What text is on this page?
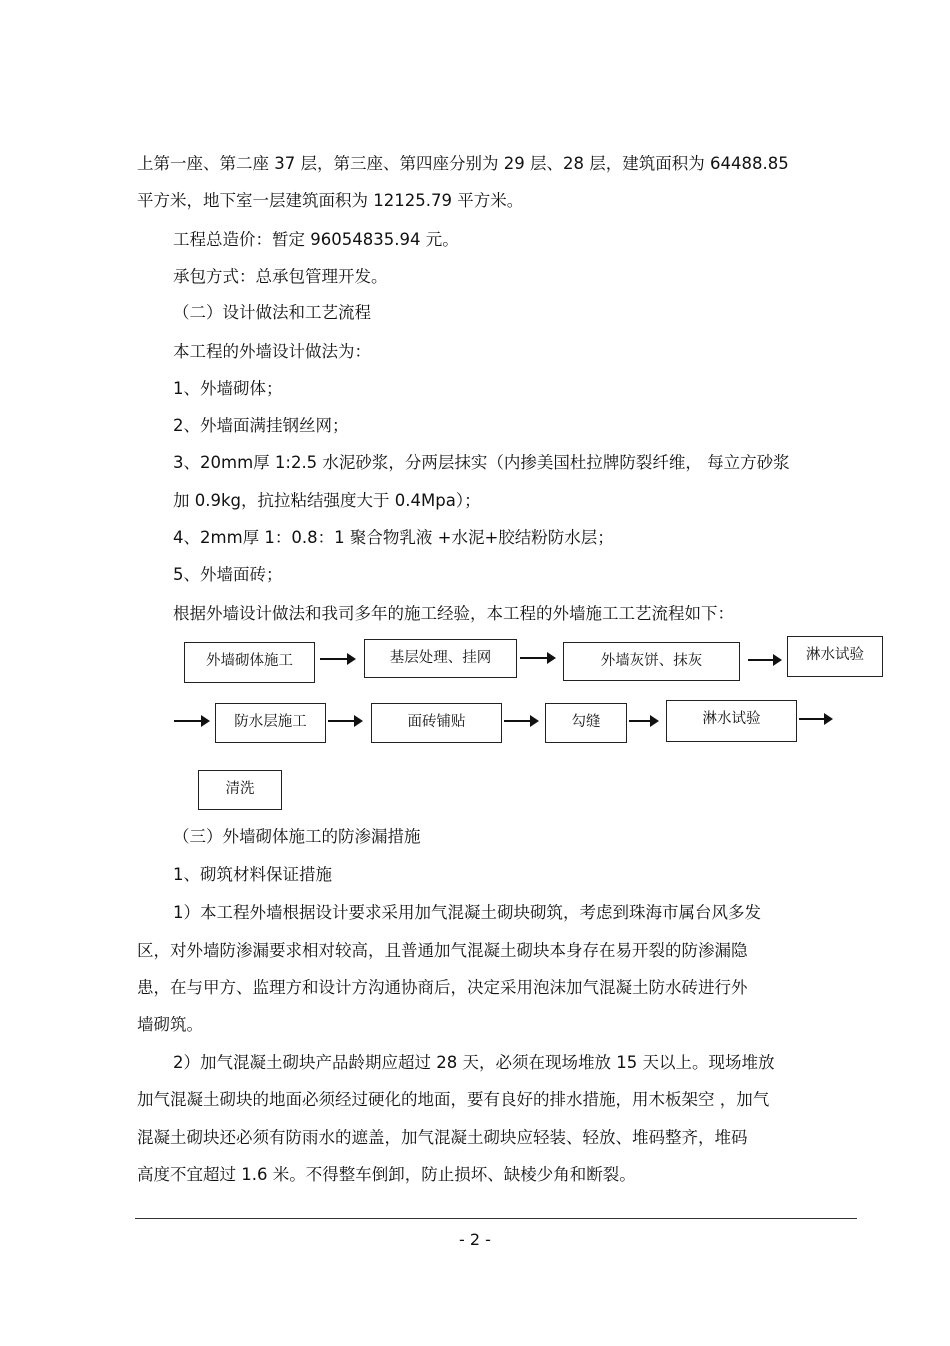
上第一座、第二座 37 层，第三座、第四座分别为 29 层、28 层，建筑面积为 64488.85
平方米，地下室一层建筑面积为 12125.79 平方米。
工程总造价：暂定 96054835.94 元。
承包方式：总承包管理开发。
（二）设计做法和工艺流程
本工程的外墙设计做法为：
1、外墙砌体；
2、外墙面满挂钢丝网；
3、20mm厚 1:2.5 水泥砂浆，分两层抹实（内掺美国杜拉牌防裂纤维， 每立方砂浆
加 0.9kg，抗拉粘结强度大于 0.4Mpa）；
4、2mm厚 1：0.8：1 聚合物乳液 +水泥+胶结粉防水层；
5、外墙面砖；
根据外墙设计做法和我司多年的施工经验，本工程的外墙施工工艺流程如下：
外墙砌体施工	基层处理、挂网	外墙灰饼、抹灰	淋水试验
防水层施工	面砖铺贴	勾缝	淋水试验
清洗
（三）外墙砌体施工的防渗漏措施
1、砌筑材料保证措施
1）本工程外墙根据设计要求采用加气混凝土砌块砌筑，考虑到珠海市属台风多发
区，对外墙防渗漏要求相对较高，且普通加气混凝土砌块本身存在易开裂的防渗漏隐
患，在与甲方、监理方和设计方沟通协商后，决定采用泡沫加气混凝土防水砖进行外
墙砌筑。
2）加气混凝土砌块产品龄期应超过 28 天，必须在现场堆放 15 天以上。现场堆放
加气混凝土砌块的地面必须经过硬化的地面，要有良好的排水措施，用木板架空 ，加气
混凝土砌块还必须有防雨水的遮盖，加气混凝土砌块应轻装、轻放、堆码整齐，堆码
高度不宜超过 1.6 米。不得整车倒卸，防止损坏、缺棱少角和断裂。
- 2 -
